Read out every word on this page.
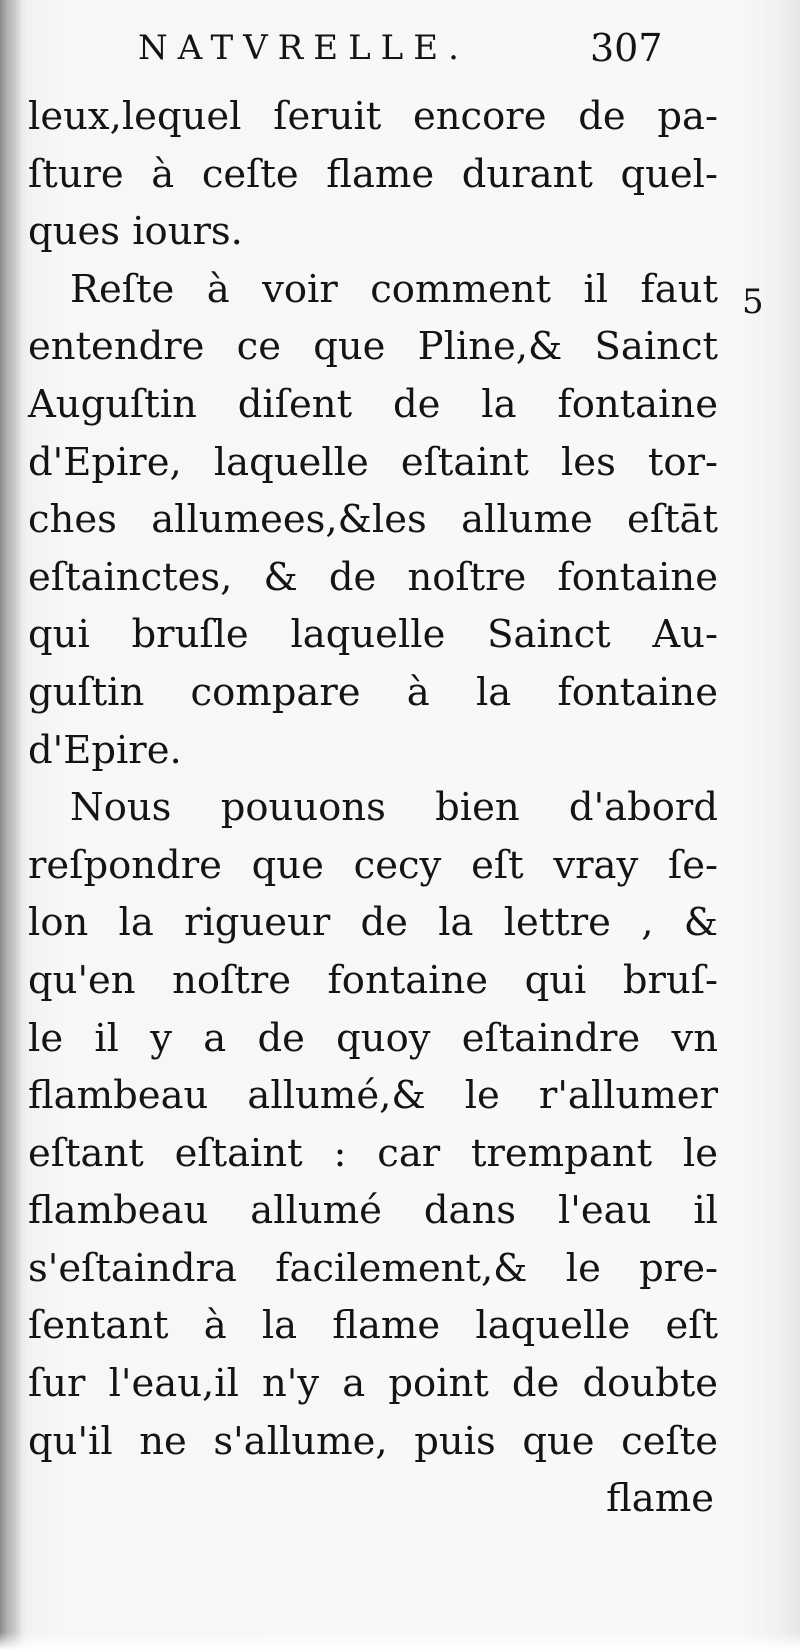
NATVRELLE.	307
5
leux,lequel ſeruit encore de pa-
ſture à ceſte flame durant quel-
ques iours.
Reſte à voir comment il faut
entendre ce que Pline,& Sainct
Auguſtin diſent de la fontaine
d'Epire, laquelle eſtaint les tor-
ches allumees,&les allume eſtāt
eſtainctes, & de noſtre fontaine
qui bruſle laquelle Sainct Au-
guſtin compare à la fontaine
d'Epire.
Nous pouuons bien d'abord
reſpondre que cecy eſt vray ſe-
lon la rigueur de la lettre , &
qu'en noſtre fontaine qui bruſ-
le il y a de quoy eſtaindre vn
flambeau allumé,& le r'allumer
eſtant eſtaint : car trempant le
flambeau allumé dans l'eau il
s'eſtaindra facilement,& le pre-
ſentant à la flame laquelle eſt
ſur l'eau,il n'y a point de doubte
qu'il ne s'allume, puis que ceſte
flame
